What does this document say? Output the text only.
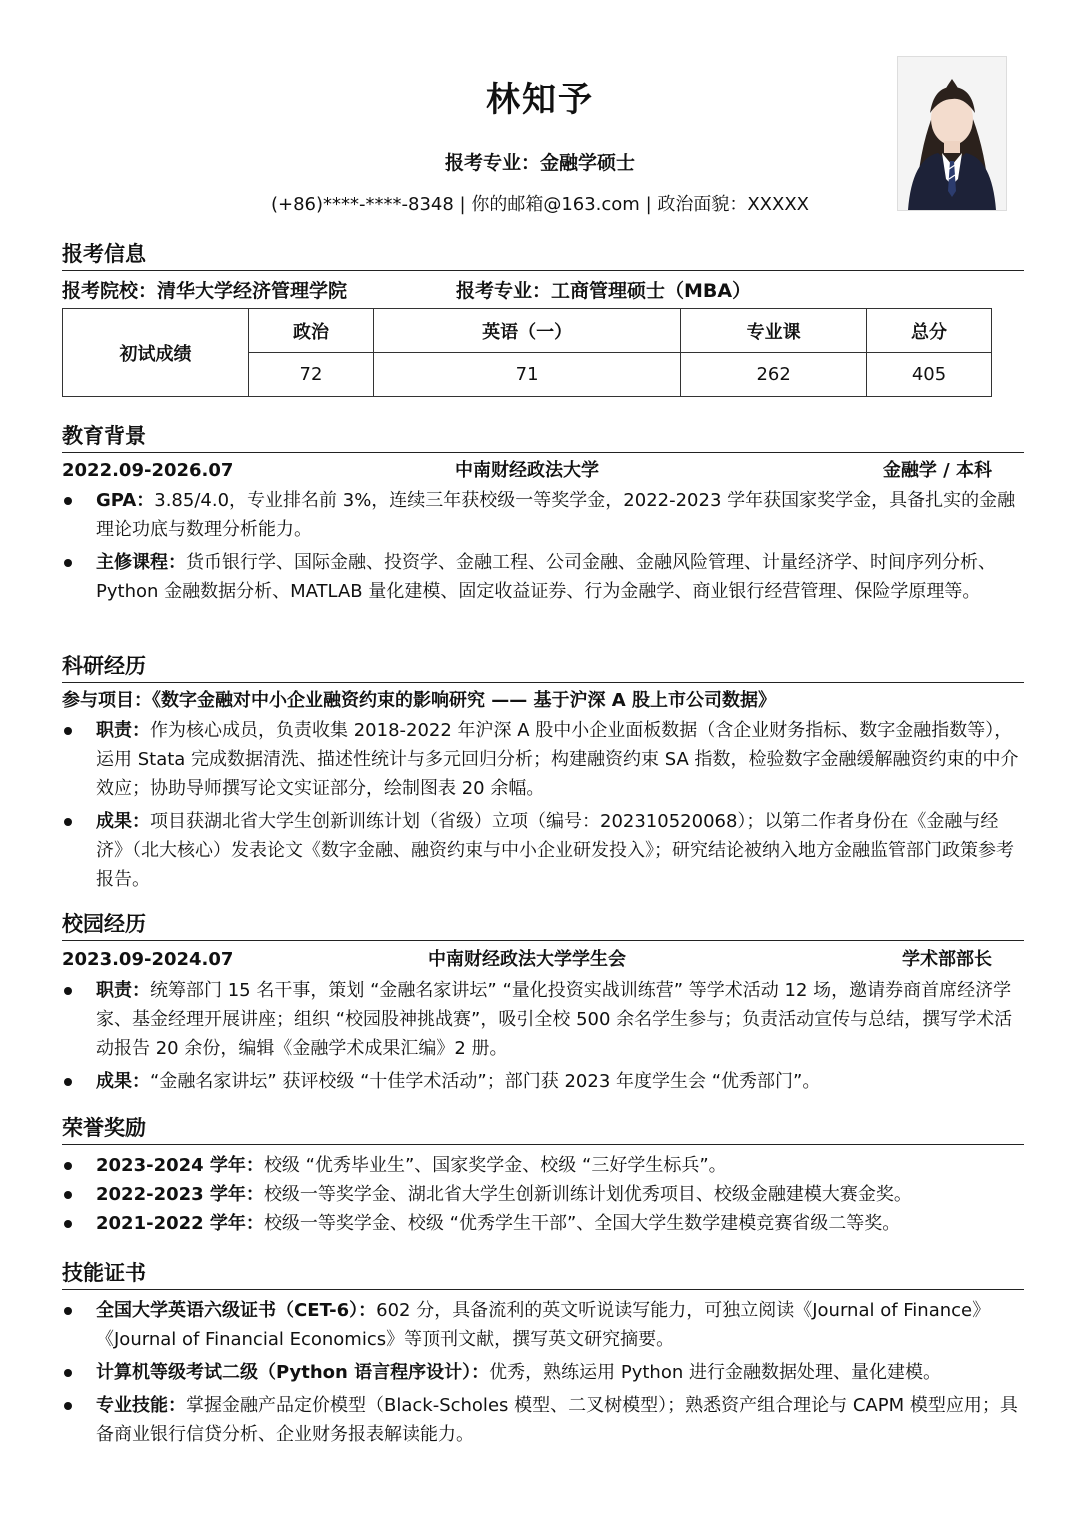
林知予
报考专业：金融学硕士
(+86)****-****-8348 | 你的邮箱@163.com | 政治面貌：XXXXX
报考信息
报考院校：清华大学经济管理学院	报考专业：工商管理硕士（MBA）
初试成绩	政治	英语（一）	专业课	总分
	72	71	262	405
教育背景
2022.09-2026.07	中南财经政法大学	金融学 / 本科
GPA：3.85/4.0，专业排名前 3%，连续三年获校级一等奖学金，2022-2023 学年获国家奖学金，具备扎实的金融理论功底与数理分析能力。
主修课程：货币银行学、国际金融、投资学、金融工程、公司金融、金融风险管理、计量经济学、时间序列分析、Python 金融数据分析、MATLAB 量化建模、固定收益证券、行为金融学、商业银行经营管理、保险学原理等。
科研经历
参与项目：《数字金融对中小企业融资约束的影响研究 —— 基于沪深 A 股上市公司数据》
职责：作为核心成员，负责收集 2018-2022 年沪深 A 股中小企业面板数据（含企业财务指标、数字金融指数等），运用 Stata 完成数据清洗、描述性统计与多元回归分析；构建融资约束 SA 指数，检验数字金融缓解融资约束的中介效应；协助导师撰写论文实证部分，绘制图表 20 余幅。
成果：项目获湖北省大学生创新训练计划（省级）立项（编号：202310520068）；以第二作者身份在《金融与经济》（北大核心）发表论文《数字金融、融资约束与中小企业研发投入》；研究结论被纳入地方金融监管部门政策参考报告。
校园经历
2023.09-2024.07	中南财经政法大学学生会	学术部部长
职责：统筹部门 15 名干事，策划 “金融名家讲坛” “量化投资实战训练营” 等学术活动 12 场，邀请券商首席经济学家、基金经理开展讲座；组织 “校园股神挑战赛”，吸引全校 500 余名学生参与；负责活动宣传与总结，撰写学术活动报告 20 余份，编辑《金融学术成果汇编》2 册。
成果：“金融名家讲坛” 获评校级 “十佳学术活动”；部门获 2023 年度学生会 “优秀部门”。
荣誉奖励
2023-2024 学年：校级 “优秀毕业生”、国家奖学金、校级 “三好学生标兵”。
2022-2023 学年：校级一等奖学金、湖北省大学生创新训练计划优秀项目、校级金融建模大赛金奖。
2021-2022 学年：校级一等奖学金、校级 “优秀学生干部”、全国大学生数学建模竞赛省级二等奖。
技能证书
全国大学英语六级证书（CET-6）：602 分，具备流利的英文听说读写能力，可独立阅读《Journal of Finance》《Journal of Financial Economics》等顶刊文献，撰写英文研究摘要。
计算机等级考试二级（Python 语言程序设计）：优秀，熟练运用 Python 进行金融数据处理、量化建模。
专业技能：掌握金融产品定价模型（Black-Scholes 模型、二叉树模型）；熟悉资产组合理论与 CAPM 模型应用；具备商业银行信贷分析、企业财务报表解读能力。
